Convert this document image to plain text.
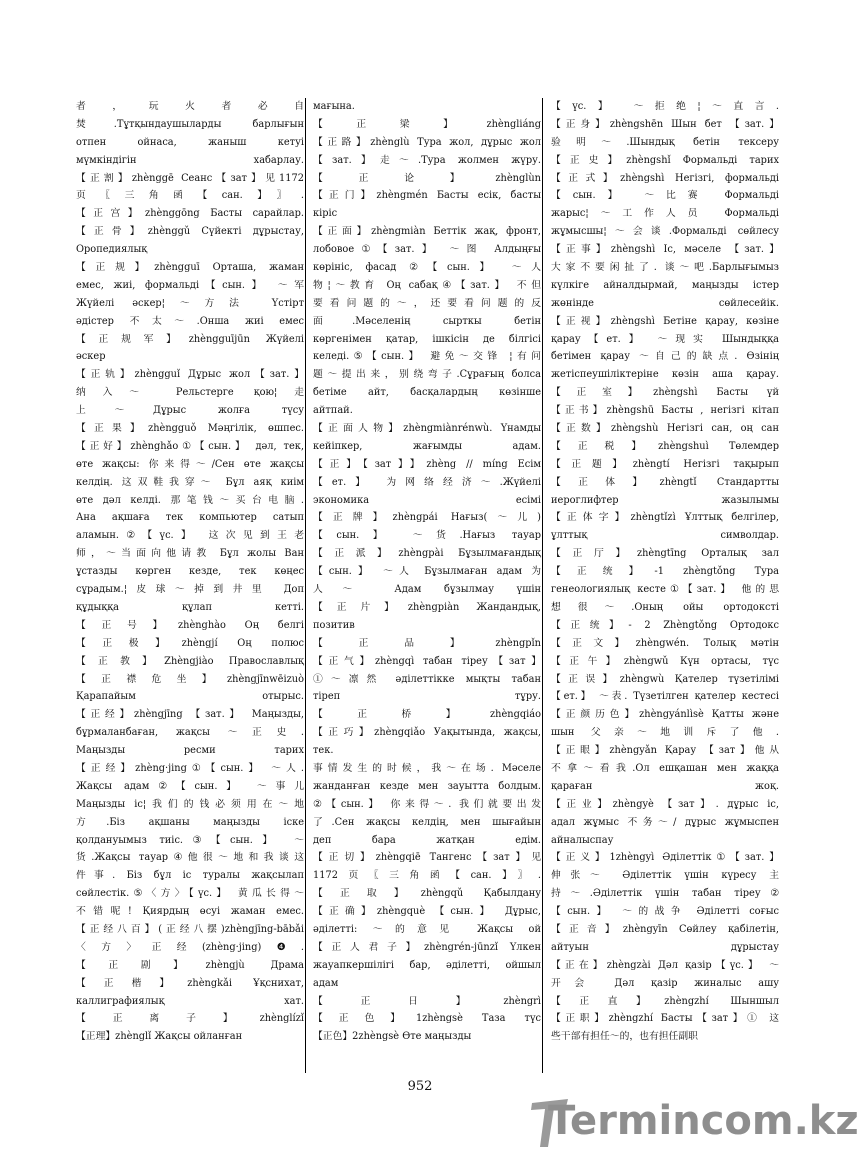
者 ， 玩 火 者 必 自
焚.Тұтқындаушыларды барлығын
отпен ойнаса, жаныш кетуі
мүмкіндігін хабарлау.
【正割】zhènggē Сеанс【зат】见1172
页〖三角函【сан.】〗.
【正宫】zhènggōng Басты сарайлар.
【正骨】zhènggǔ Сүйекті дұрыстау,
Оропедиялық
【正规】zhèngguī Орташа, жаман
емес, жиі, формальді【сын.】 ～军
Жүйелі әскер¦～方法 Үстірт
әдістер 不太～.Онша жиі емес
【正规军】zhèngguījūn Жүйелі
әскер
【正轨】zhèngguǐ Дұрыс жол【зат.】
纳入～ Рельстерге қою¦走
上～Дұрыс жолға түсу
【正果】zhèngguǒ Мәңгілік, өшпес.
【正好】zhènghǎo①【сын.】 дәл, тек,
өте жақсы: 你来得～/Сен өте жақсы
келдің. 这双鞋我穿～ Бұл аяқ киім
өте дәл келді. 那笔钱～买台电脑.
Ана ақшаға тек компьютер сатып
аламын.②【үс.】 这次见到王老
师，～当面向他请教 Бұл жолы Ван
ұстазды көрген кезде, тек көңес
сұрадым.¦皮球～掉到井里 Доп
құдыққа құлап кетті.
【正号】zhènghào Оң белгі
【正极】zhèngjí Оң полюс
【正教】Zhèngjiào Православлық
【正襟危坐】zhèngjīnwēizuò
Қарапайым отырыс.
【正经】zhèngjīng 【зат.】 Маңызды,
бұрмаланбаған, жақсы ～正史.
Маңызды ресми тарих
【正经】zhèng·jing①【сын.】 ～人.
Жақсы адам②【сын.】 ～事儿
Маңызды іс¦我们的钱必须用在～地
方.Біз ақшаны маңызды іске
қолдануымыз тиіс.③【сын.】 ～
货.Жақсы тауар④他很～地和我谈这
件事. Біз бұл іс туралы жақсылап
сөйлестік.⑤〈方〉【үс.】 黄瓜长得～
不错呢! Қиярдың өсуі жаман емес.
【正经八百】(正经八摆)zhèngjīng-bābǎi
〈方〉正经(zhèng·jing)❹.
【正剧】zhèngjù Драма
【正楷】zhèngkǎi Ұқснихат,
каллиграфиялық хат.
【正离子】zhènglízǐ
【正理】zhènglǐ Жақсы ойланған
мағына.
【正梁】zhèngliáng
【正路】zhènglù Тура жол, дұрыс жол
【зат.】走～.Тура жолмен жүру.
【正论】zhènglùn
【正门】zhèngmén Басты есік, басты
кіріс
【正面】zhèngmiàn Беттік жақ, фронт,
лобовое①【зат.】 ～图 Алдыңғы
көрініс, фасад ②【сын.】 ～人
物¦～教育 Оң сабақ④【зат.】 不但
要看问题的～，还要看问题的反
面.Мәселенің сырткы бетін
көргенімен қатар, ішкісін де білгісі
келеді.⑤【сын.】 避免～交锋 ¦有问
题～提出来，别绕弯子.Сұрағың болса
бетіме айт, басқалардың көзінше
айтпай.
【正面人物】zhèngmiànrénwù. Үнамды
кейіпкер, жағымды адам.
【正】【зат】】zhèng // míng Есім
【ет.】 为网络经济～.Жүйелі
экономика есімі
【正牌】zhèngpái Нағыз(～儿)
【сын.】 ～货.Нағыз тауар
【正派】zhèngpài Бұзылмағандық
【сын.】 ～人 Бұзылмаған адам 为
人～ Адам бұзылмау үшін
【正片】zhèngpiàn Жандандық,
позитив
【正品】zhèngpǐn
【正气】zhèngqì табан тіреу【зат】
①～凛然 әділеттікке мықты табан
тіреп тұру.
【正桥】zhèngqiáo
【正巧】zhèngqiǎo Уақытында, жақсы,
тек.
事情发生的时候，我～在场. Мәселе
жанданған кезде мен зауытта болдым.
②【сын.】 你来得～. 我们就要出发
了.Сен жақсы келдің, мен шығайын
деп бара жатқан едім.
【正切】zhèngqiē Тангенс【зат】见
1172页〖三角函【сан.】〗.
【正取】zhèngqǔ Қабылдану
【正确】zhèngquè 【сын.】 Дұрыс,
әділетті: ～的意见 Жақсы ой
【正人君子】zhèngrén-jūnzǐ Үлкен
жауапкершілігі бар, әділетті, ойшыл
адам
【正日】zhèngrì
【正色】1zhèngsè Таза түс
【正色】2zhèngsè Өте маңызды
【үс.】 ～拒绝¦～直言.
【正身】zhèngshēn Шын бет 【зат.】
验明～.Шындық бетін тексеру
【正史】zhèngshǐ Формальді тарих
【正式】zhèngshì Негізгі, формальді
【сын.】 ～比赛 Формальді
жарыс¦～工作人员 Формальді
жұмысшы¦～会谈.Формальді сөйлесу
【正事】zhèngshì Іс, мәселе 【зат.】
大家不要闲扯了. 谈～吧.Барлығымыз
күлкіге айналдырмай, маңызды істер
жөнінде сөйлесейік.
【正视】zhèngshì Бетіне қарау, көзіне
қарау【ет.】 ～现实 Шындыққа
бетімен қарау ～自己的缺点. Өзінің
жетіспеушіліктеріне көзін аша қарау.
【正室】zhèngshì Басты үй
【正书】zhèngshū Басты , негізгі кітап
【正数】zhèngshù Негізгі сан, оң сан
【正税】zhèngshuì Төлемдер
【正题】zhèngtí Негізгі тақырып
【正体】zhèngtǐ Стандартты
иероглифтер жазылымы
【正体字】zhèngtǐzì Ұлттық белгілер,
ұлттық символдар.
【正厅】zhèngtīng Орталық зал
【正统】-1 zhèngtǒng Тура
генеологиялық кесте①【зат.】 他的思
想很～.Оның ойы ортодоксті
【正统】- 2 Zhèngtǒng Ортодокс
【正文】zhèngwén. Толық мәтін
【正午】zhèngwǔ Күн ортасы, түс
【正误】zhèngwù Қателер түзетілімі
【ет.】 ～表. Түзетілген қателер кестесі
【正颜历色】zhèngyánlìsè Қатты және
шын 父亲～地训斥了他.
【正眼】zhèngyǎn Қарау 【зат】他从
不拿～看我.Ол ешқашан мен жаққа
қараған жоқ.
【正业】zhèngyè 【зат】. дұрыс іс,
адал жұмыс 不务～/ дұрыс жұмыспен
айналыспау
【正义】1zhèngyì Әділеттік①【зат.】
伸张～ Әділеттік үшін күресу 主
持～.Әділеттік үшін табан тіреу②
【сын.】 ～的战争 Әділетті соғыс
【正音】zhèngyīn Сөйлеу қабілетін,
айтуын дұрыстау
【正在】zhèngzài Дәл қазір【үс.】 ～
开会 Дәл қазір жиналыс ашу
【正直】zhèngzhí Шыншыл
【正职】zhèngzhí Басты【зат】① 这
些干部有担任～的，也有担任副职
952
Termincom.kz
